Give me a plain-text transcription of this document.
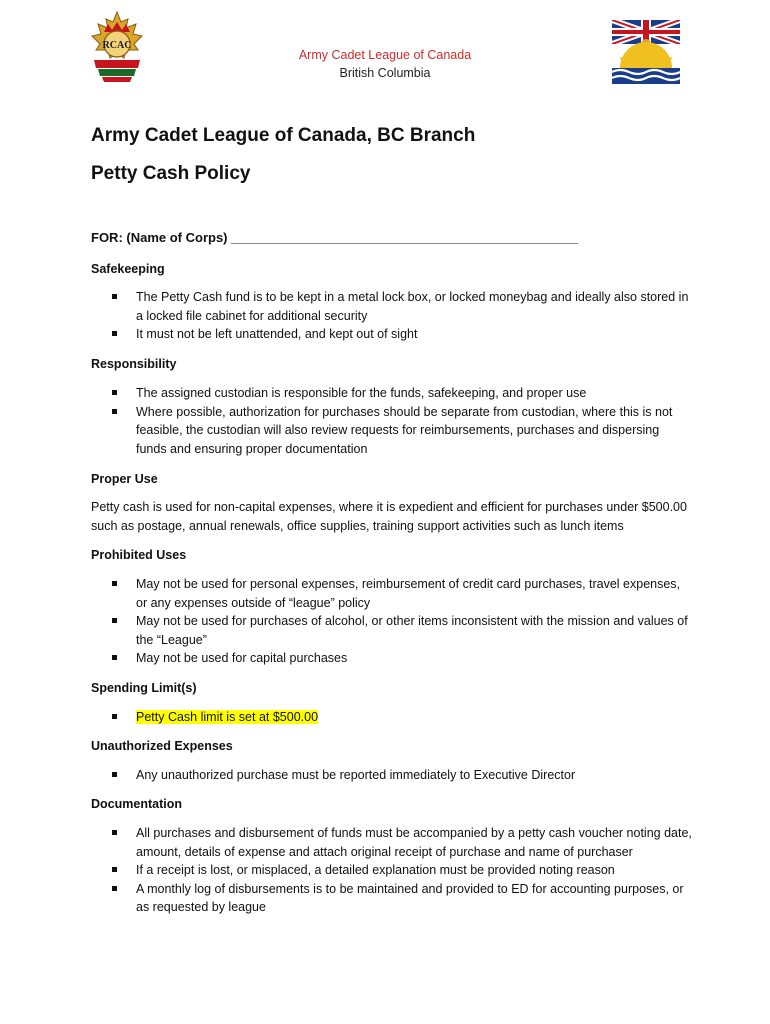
RCAC
Army Cadet League of Canada
British Columbia
Army Cadet League of Canada, BC Branch
Petty Cash Policy
FOR: (Name of Corps) ________________________________________________
Safekeeping
The Petty Cash fund is to be kept in a metal lock box, or locked moneybag and ideally also stored in a locked file cabinet for additional security
It must not be left unattended, and kept out of sight
Responsibility
The assigned custodian is responsible for the funds, safekeeping, and proper use
Where possible, authorization for purchases should be separate from custodian, where this is not feasible, the custodian will also review requests for reimbursements, purchases and dispersing funds and ensuring proper documentation
Proper Use

Petty cash is used for non-capital expenses, where it is expedient and efficient for purchases under $500.00 such as postage, annual renewals, office supplies, training support activities such as lunch items

Prohibited Uses
May not be used for personal expenses, reimbursement of credit card purchases, travel expenses, or any expenses outside of “league” policy
May not be used for purchases of alcohol, or other items inconsistent with the mission and values of the “League”
May not be used for capital purchases
Spending Limit(s)
Petty Cash limit is set at $500.00
Unauthorized Expenses
Any unauthorized purchase must be reported immediately to Executive Director
Documentation
All purchases and disbursement of funds must be accompanied by a petty cash voucher noting date, amount, details of expense and attach original receipt of purchase and name of purchaser
If a receipt is lost, or misplaced, a detailed explanation must be provided noting reason
A monthly log of disbursements is to be maintained and provided to ED for accounting purposes, or as requested by league
